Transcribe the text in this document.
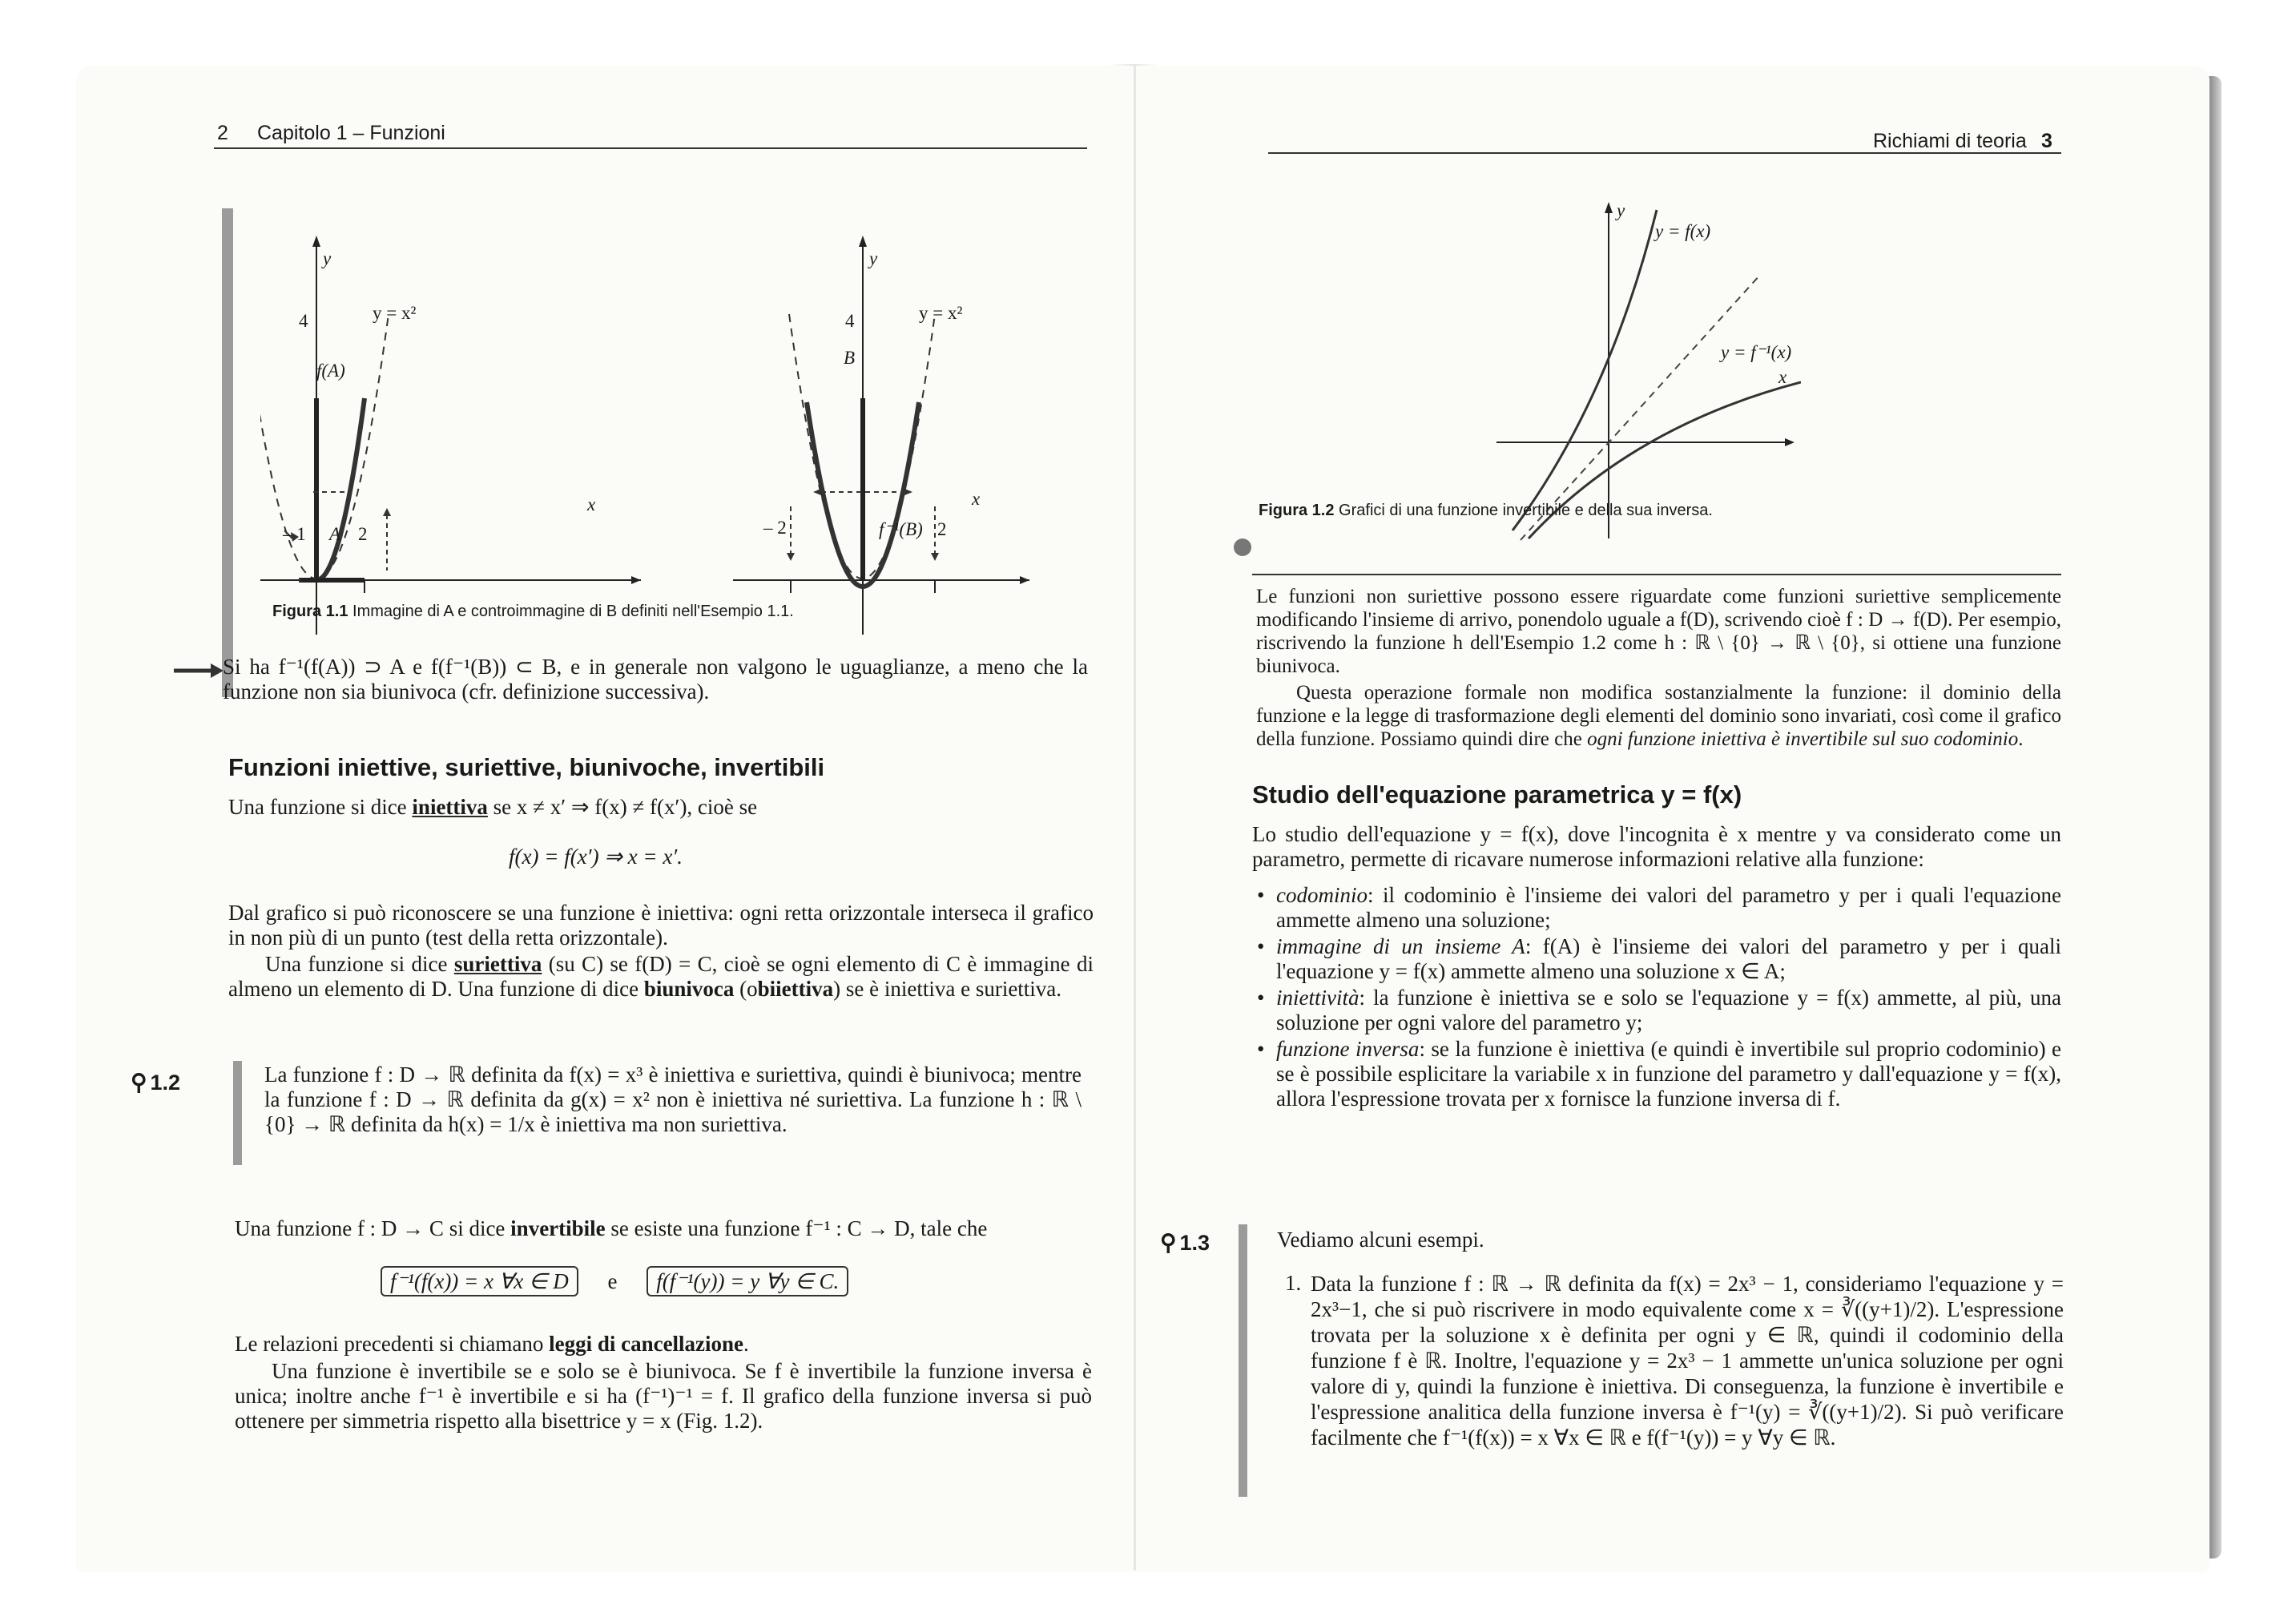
2 Capitolo 1 – Funzioni
y
4
f(A)
y = x²
x
– 1 A 2
y
4
B
y = x²
x
– 2	f⁻¹(B) 2
Figura 1.1 Immagine di A e controimmagine di B definiti nell'Esempio 1.1.
Si ha f⁻¹(f(A)) ⊃ A e f(f⁻¹(B)) ⊂ B, e in generale non valgono le uguaglianze, a meno che la funzione non sia biunivoca (cfr. definizione successiva).
Funzioni iniettive, suriettive, biunivoche, invertibili
Una funzione si dice iniettiva se x ≠ x′ ⇒ f(x) ≠ f(x′), cioè se
f(x) = f(x′) ⇒ x = x′.
Dal grafico si può riconoscere se una funzione è iniettiva: ogni retta orizzontale interseca il grafico in non più di un punto (test della retta orizzontale).
Una funzione si dice suriettiva (su C) se f(D) = C, cioè se ogni elemento di C è immagine di almeno un elemento di D. Una funzione di dice biunivoca (obiiettiva) se è iniettiva e suriettiva.
⚲ 1.2	La funzione f : D → ℝ definita da f(x) = x³ è iniettiva e suriettiva, quindi è biunivoca; mentre la funzione f : D → ℝ definita da g(x) = x² non è iniettiva né suriettiva. La funzione h : ℝ \ {0} → ℝ definita da h(x) = 1/x è iniettiva ma non suriettiva.
Una funzione f : D → C si dice invertibile se esiste una funzione f⁻¹ : C → D, tale che
f⁻¹(f(x)) = x ∀x ∈ D e f(f⁻¹(y)) = y ∀y ∈ C.
Le relazioni precedenti si chiamano leggi di cancellazione.
Una funzione è invertibile se e solo se è biunivoca. Se f è invertibile la funzione inversa è unica; inoltre anche f⁻¹ è invertibile e si ha (f⁻¹)⁻¹ = f. Il grafico della funzione inversa si può ottenere per simmetria rispetto alla bisettrice y = x (Fig. 1.2).
Richiami di teoria 3
y
y = f(x)
y = f⁻¹(x)
x
Figura 1.2 Grafici di una funzione invertibile e della sua inversa.
Le funzioni non suriettive possono essere riguardate come funzioni suriettive semplicemente modificando l'insieme di arrivo, ponendolo uguale a f(D), scrivendo cioè f : D → f(D). Per esempio, riscrivendo la funzione h dell'Esempio 1.2 come h : ℝ \ {0} → ℝ \ {0}, si ottiene una funzione biunivoca.
Questa operazione formale non modifica sostanzialmente la funzione: il dominio della funzione e la legge di trasformazione degli elementi del dominio sono invariati, così come il grafico della funzione. Possiamo quindi dire che ogni funzione iniettiva è invertibile sul suo codominio.
Studio dell'equazione parametrica y = f(x)
Lo studio dell'equazione y = f(x), dove l'incognita è x mentre y va considerato come un parametro, permette di ricavare numerose informazioni relative alla funzione:
• codominio: il codominio è l'insieme dei valori del parametro y per i quali l'equazione ammette almeno una soluzione;
• immagine di un insieme A: f(A) è l'insieme dei valori del parametro y per i quali l'equazione y = f(x) ammette almeno una soluzione x ∈ A;
• iniettività: la funzione è iniettiva se e solo se l'equazione y = f(x) ammette, al più, una soluzione per ogni valore del parametro y;
• funzione inversa: se la funzione è iniettiva (e quindi è invertibile sul proprio codominio) e se è possibile esplicitare la variabile x in funzione del parametro y dall'equazione y = f(x), allora l'espressione trovata per x fornisce la funzione inversa di f.
⚲ 1.3	Vediamo alcuni esempi.
1. Data la funzione f : ℝ → ℝ definita da f(x) = 2x³ − 1, consideriamo l'equazione y = 2x³−1, che si può riscrivere in modo equivalente come x = ∛((y+1)/2). L'espressione trovata per la soluzione x è definita per ogni y ∈ ℝ, quindi il codominio della funzione f è ℝ. Inoltre, l'equazione y = 2x³ − 1 ammette un'unica soluzione per ogni valore di y, quindi la funzione è iniettiva. Di conseguenza, la funzione è invertibile e l'espressione analitica della funzione inversa è f⁻¹(y) = ∛((y+1)/2). Si può verificare facilmente che f⁻¹(f(x)) = x ∀x ∈ ℝ e f(f⁻¹(y)) = y ∀y ∈ ℝ.
